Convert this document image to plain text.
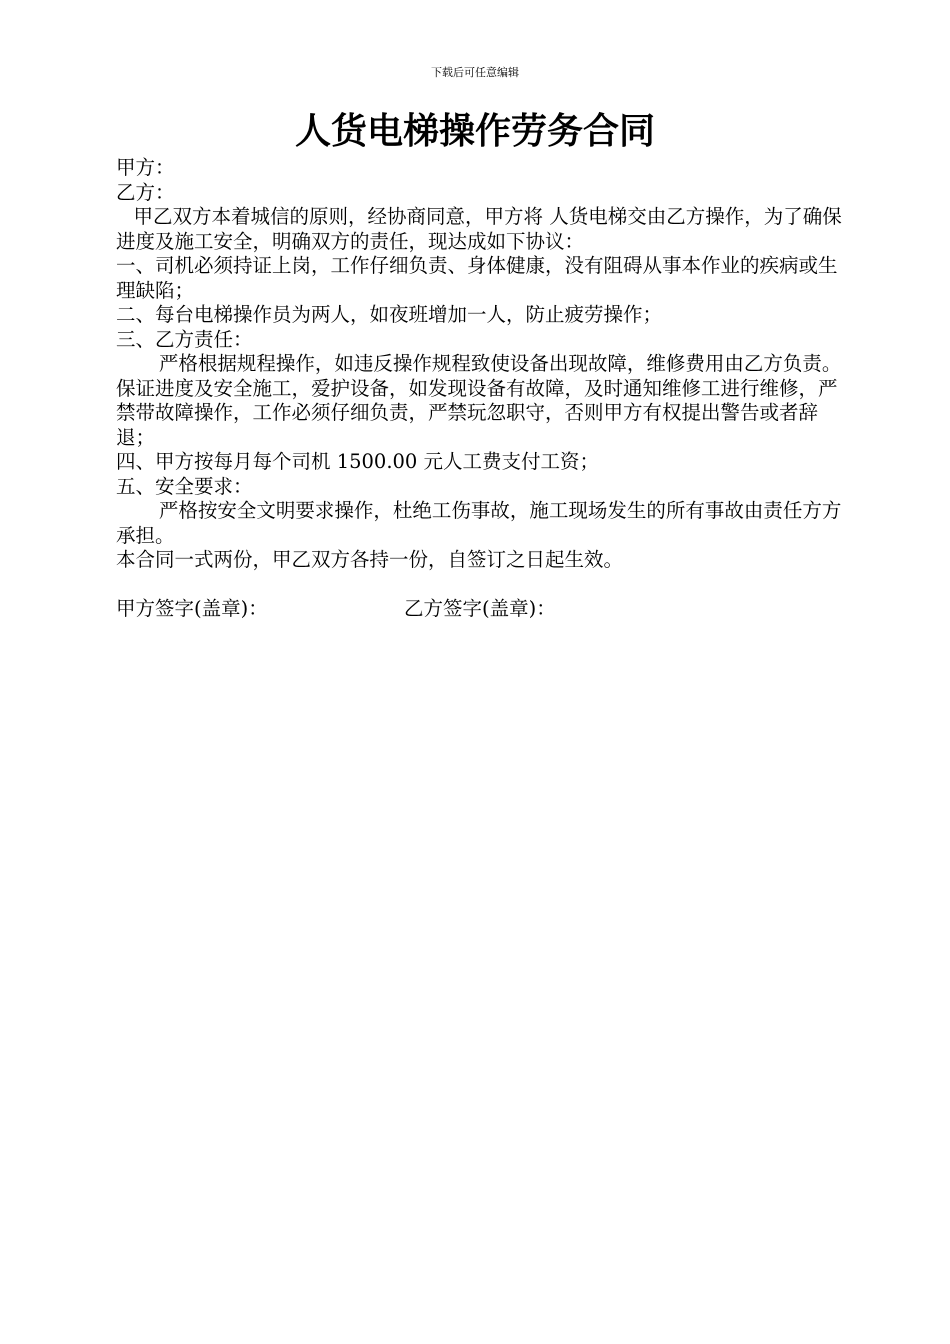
下载后可任意编辑
人货电梯操作劳务合同

甲方：

乙方：

甲乙双方本着城信的原则，经协商同意，甲方将 人货电梯交由乙方操作，为了确保进度及施工安全，明确双方的责任，现达成如下协议：

一、司机必须持证上岗，工作仔细负责、身体健康，没有阻碍从事本作业的疾病或生理缺陷；

二、每台电梯操作员为两人，如夜班增加一人，防止疲劳操作；

三、乙方责任：

严格根据规程操作，如违反操作规程致使设备出现故障，维修费用由乙方负责。保证进度及安全施工，爱护设备，如发现设备有故障，及时通知维修工进行维修，严禁带故障操作，工作必须仔细负责，严禁玩忽职守，否则甲方有权提出警告或者辞退；

四、甲方按每月每个司机 1500.00 元人工费支付工资；

五、安全要求：

严格按安全文明要求操作，杜绝工伤事故，施工现场发生的所有事故由责任方方承担。

本合同一式两份，甲乙双方各持一份，自签订之日起生效。

甲方签字(盖章)：	乙方签字(盖章)：
